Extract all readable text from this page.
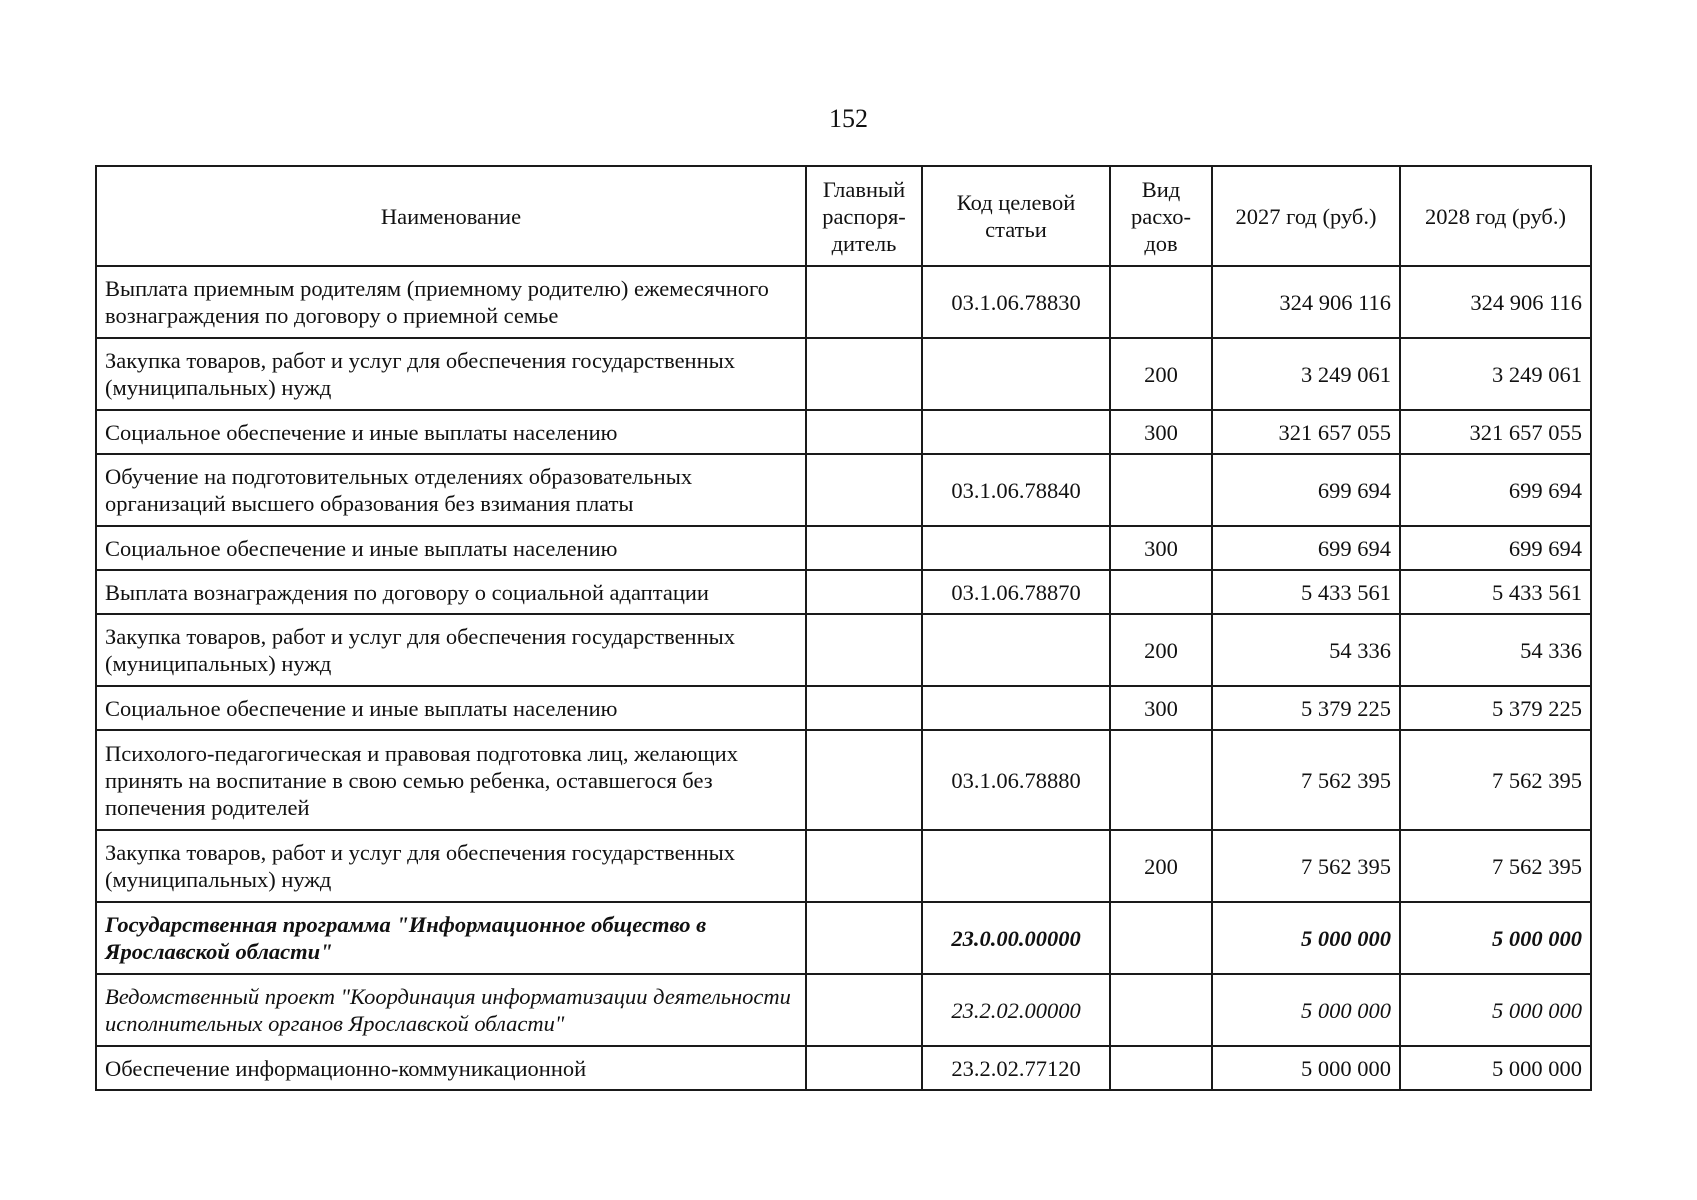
152
Наименование	Главный распоря-дитель	Код целевой статьи	Вид расхо-дов	2027 год (руб.)	2028 год (руб.)
Выплата приемным родителям (приемному родителю) ежемесячного вознаграждения по договору о приемной семье		03.1.06.78830		324 906 116	324 906 116
Закупка товаров, работ и услуг для обеспечения государственных (муниципальных) нужд			200	3 249 061	3 249 061
Социальное обеспечение и иные выплаты населению			300	321 657 055	321 657 055
Обучение на подготовительных отделениях образовательных организаций высшего образования без взимания платы		03.1.06.78840		699 694	699 694
Социальное обеспечение и иные выплаты населению			300	699 694	699 694
Выплата вознаграждения по договору о социальной адаптации		03.1.06.78870		5 433 561	5 433 561
Закупка товаров, работ и услуг для обеспечения государственных (муниципальных) нужд			200	54 336	54 336
Социальное обеспечение и иные выплаты населению			300	5 379 225	5 379 225
Психолого-педагогическая и правовая подготовка лиц, желающих принять на воспитание в свою семью ребенка, оставшегося без попечения родителей		03.1.06.78880		7 562 395	7 562 395
Закупка товаров, работ и услуг для обеспечения государственных (муниципальных) нужд			200	7 562 395	7 562 395
Государственная программа "Информационное общество в Ярославской области"		23.0.00.00000		5 000 000	5 000 000
Ведомственный проект "Координация информатизации деятельности исполнительных органов Ярославской области"		23.2.02.00000		5 000 000	5 000 000
Обеспечение информационно-коммуникационной		23.2.02.77120		5 000 000	5 000 000
